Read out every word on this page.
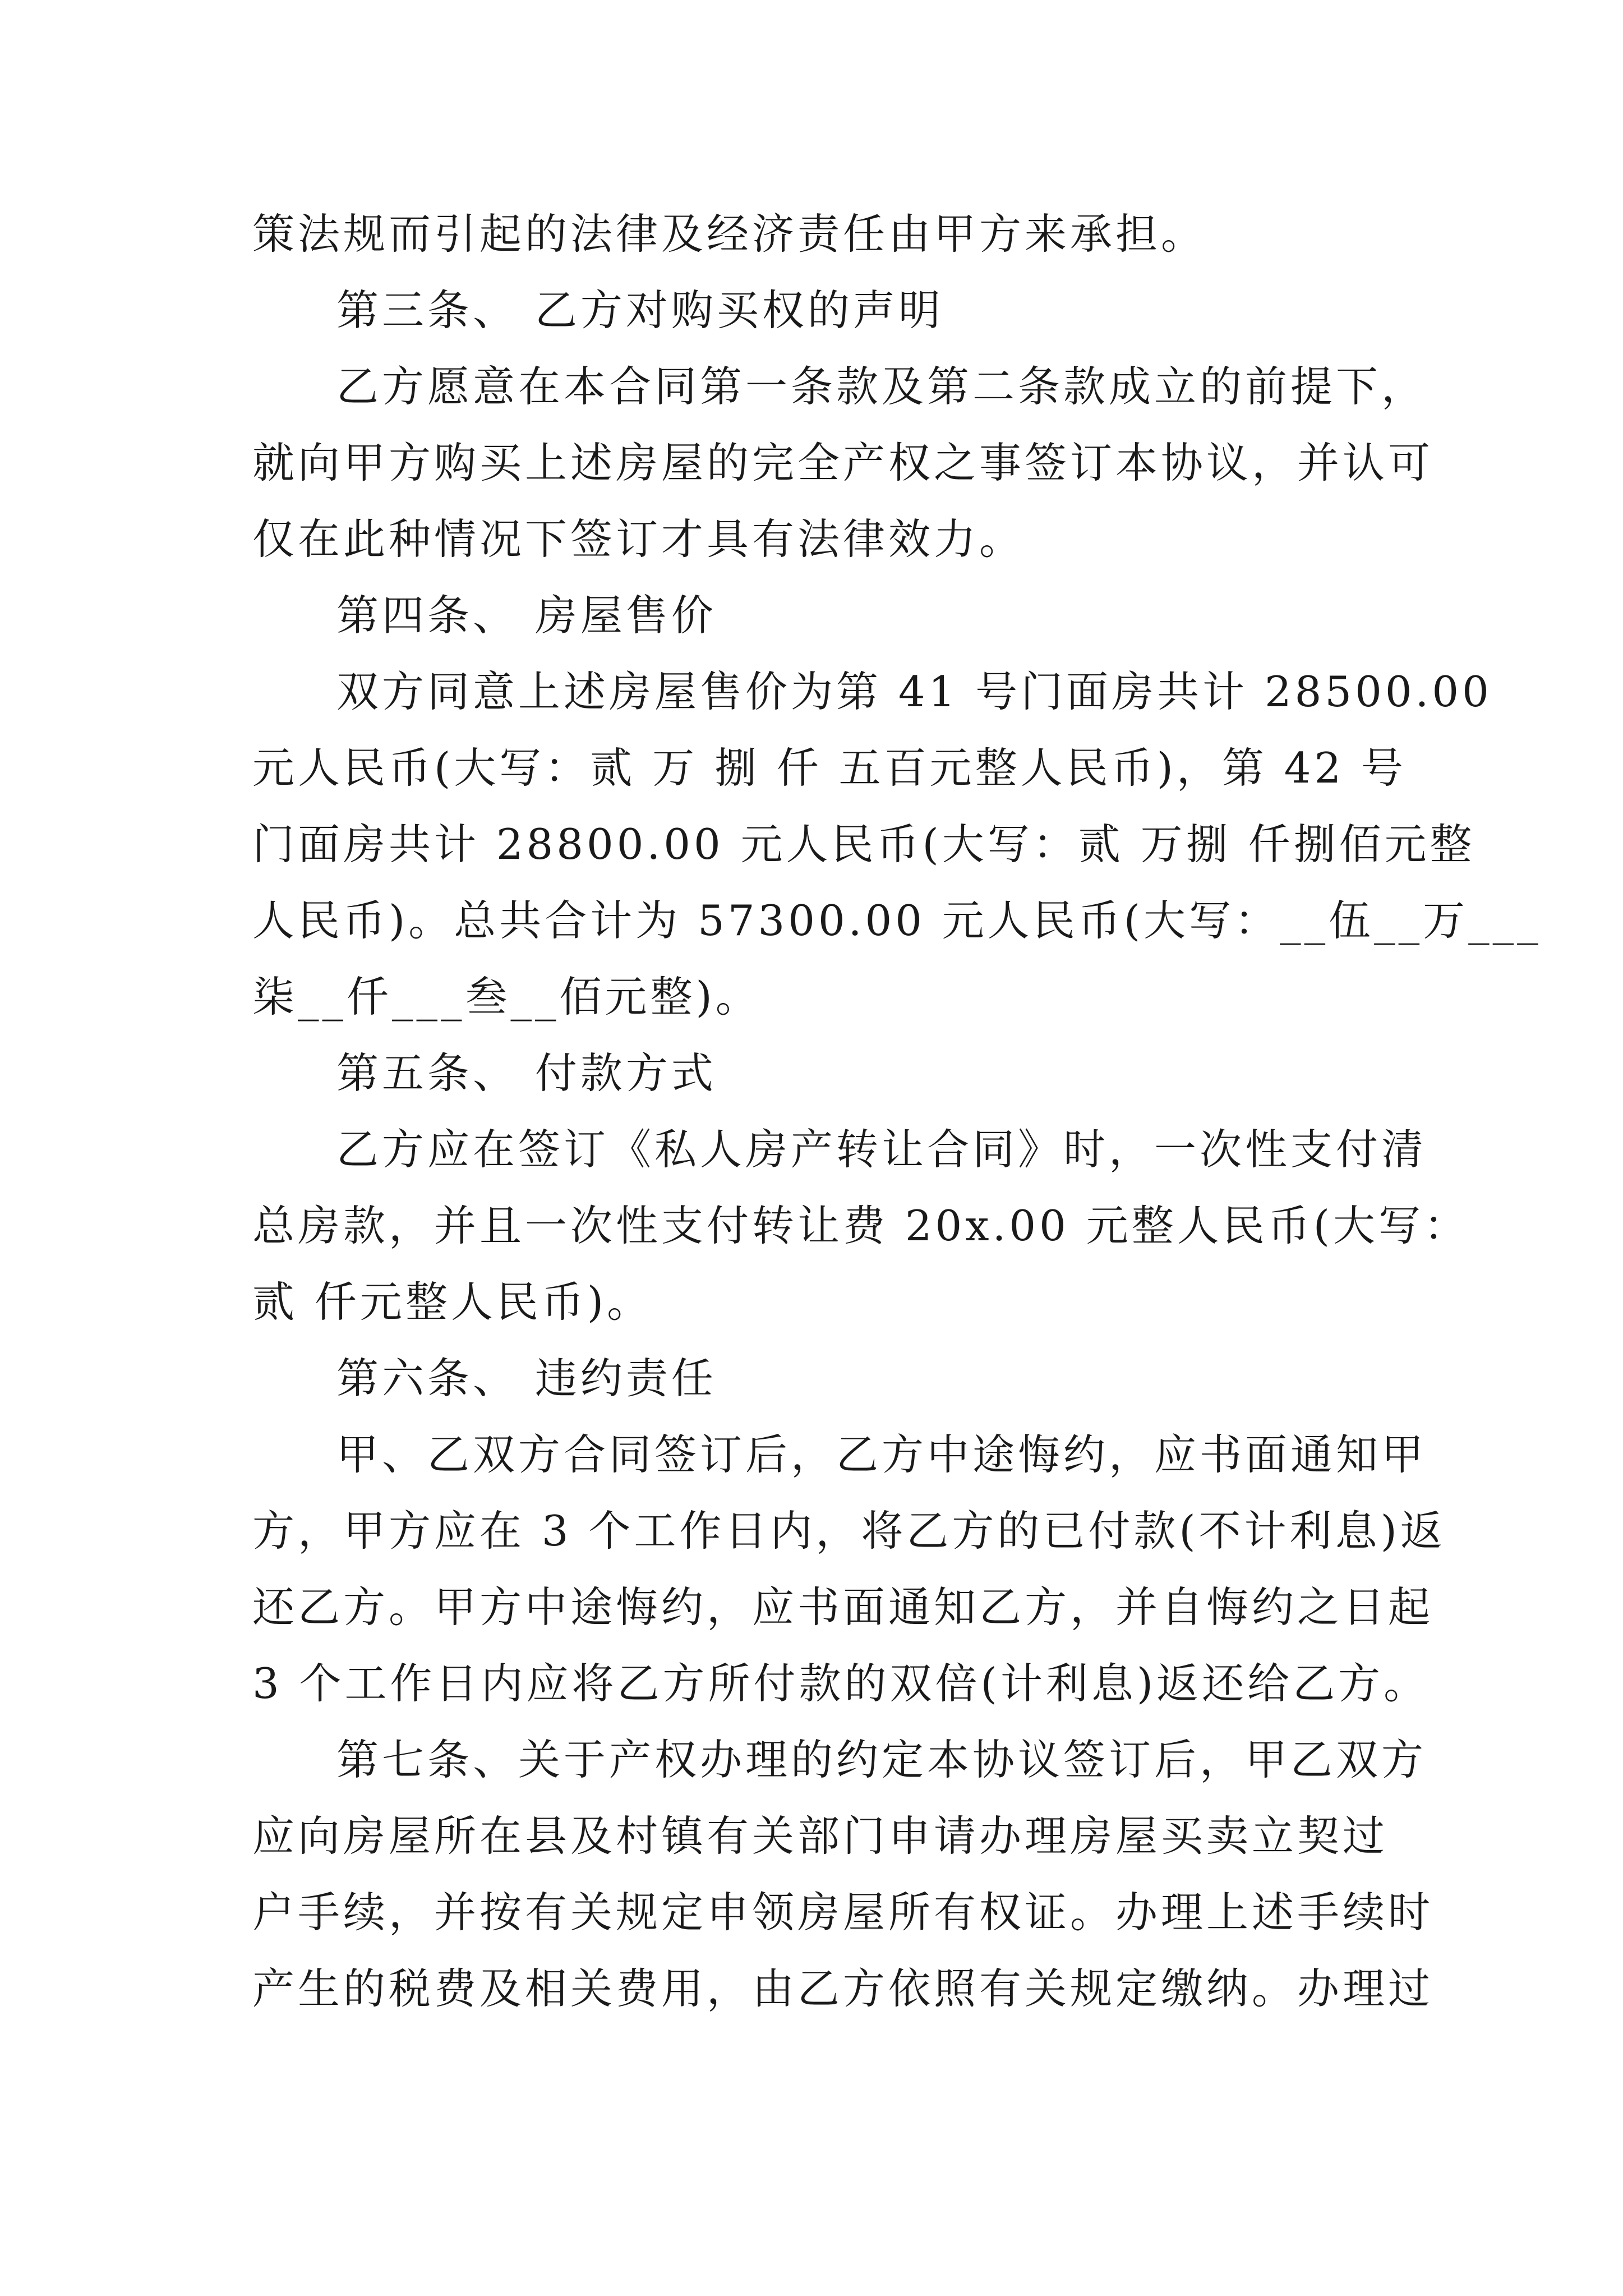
策法规而引起的法律及经济责任由甲方来承担。
第三条、 乙方对购买权的声明
乙方愿意在本合同第一条款及第二条款成立的前提下，
就向甲方购买上述房屋的完全产权之事签订本协议，并认可
仅在此种情况下签订才具有法律效力。
第四条、 房屋售价
双方同意上述房屋售价为第 41 号门面房共计 28500.00
元人民币(大写：贰 万 捌 仟 五百元整人民币)，第 42 号
门面房共计 28800.00 元人民币(大写：贰 万捌 仟捌佰元整
人民币)。总共合计为 57300.00 元人民币(大写：__伍__万___
柒__仟___叁__佰元整)。
第五条、 付款方式
乙方应在签订《私人房产转让合同》时，一次性支付清
总房款，并且一次性支付转让费 20x.00 元整人民币(大写：
贰 仟元整人民币)。
第六条、 违约责任
甲、乙双方合同签订后，乙方中途悔约，应书面通知甲
方，甲方应在 3 个工作日内，将乙方的已付款(不计利息)返
还乙方。甲方中途悔约，应书面通知乙方，并自悔约之日起
3 个工作日内应将乙方所付款的双倍(计利息)返还给乙方。
第七条、关于产权办理的约定本协议签订后，甲乙双方
应向房屋所在县及村镇有关部门申请办理房屋买卖立契过
户手续，并按有关规定申领房屋所有权证。办理上述手续时
产生的税费及相关费用，由乙方依照有关规定缴纳。办理过
